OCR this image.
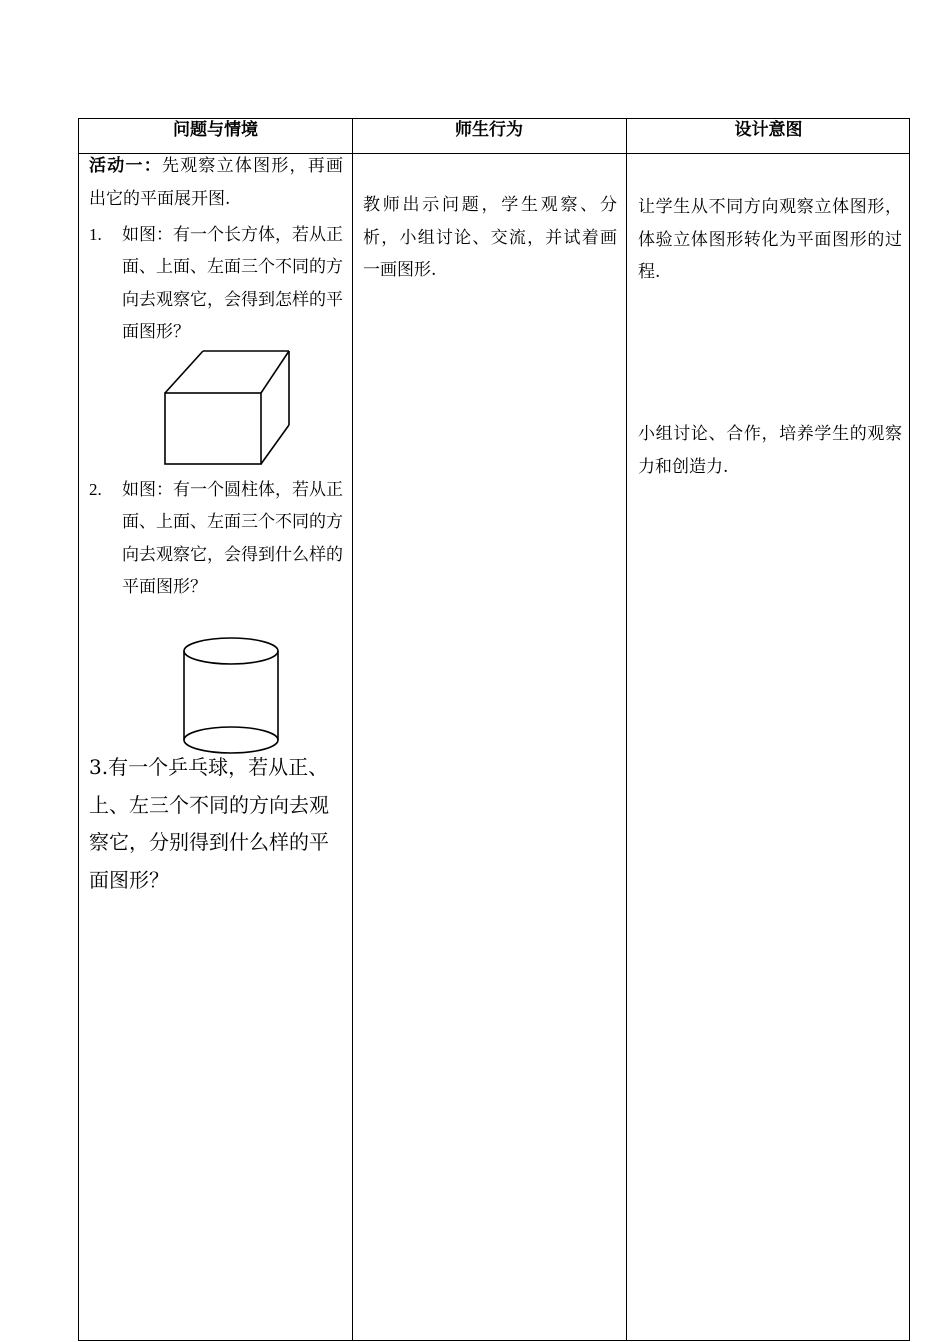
问题与情境	师生行为	设计意图
活动一：先观察立体图形，再画出它的平面展开图.
1. 如图：有一个长方体，若从正面、上面、左面三个不同的方向去观察它，会得到怎样的平面图形？
2. 如图：有一个圆柱体，若从正面、上面、左面三个不同的方向去观察它，会得到什么样的平面图形？
3.有一个乒乓球，若从正、上、左三个不同的方向去观察它，分别得到什么样的平面图形？
教师出示问题，学生观察、分析，小组讨论、交流，并试着画一画图形.
让学生从不同方向观察立体图形，体验立体图形转化为平面图形的过程.
小组讨论、合作，培养学生的观察力和创造力.
